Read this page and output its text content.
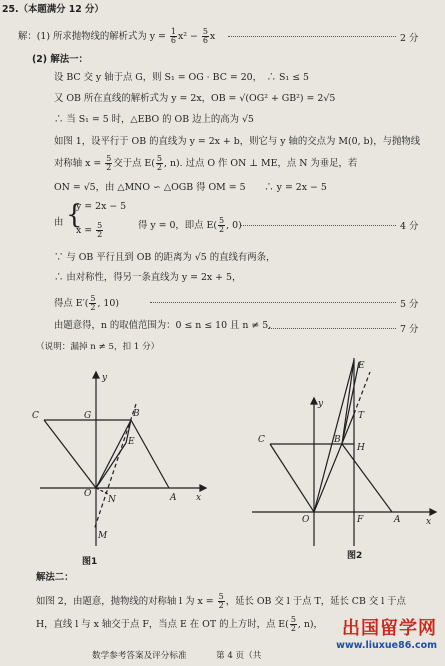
25.（本题满分 12 分）
解：(1) 所求抛物线的解析式为 $y = \frac{1}{6} x^2 - \frac{5}{6}$ x	2 分
(2) 解法一：
设 BC 交 y 轴于点 G，则 S₁ = OG · BC = 20，　∴ S₁ ≤ 5
又 OB 所在直线的解析式为 y = 2x，OB = √(OG² + GB²) = 2√5
∴ 当 S₁ = 5 时，△EBO 的 OB 边上的高为 √5
如图 1，设平行于 OB 的直线为 y = 2x + b，则它与 y 轴的交点为 M(0, b)，与抛物线
对称轴 $x = \frac{5}{2}$ 交于点 $E( \frac{5}{2}$ , n). 过点 O 作 ON ⊥ ME，点 N 为垂足，若
ON = √5，由 △MNO ∽ △OGB 得 OM = 5　　∴ y = 2x − 5
由 {
y = 2x − 5
$x = \frac{5}{2}$	得 y = 0，即点 $E( \frac{5}{2}$ , 0)	4 分
∵ 与 OB 平行且到 OB 的距离为 √5 的直线有两条，
∴ 由对称性，得另一条直线为 y = 2x + 5，
得点 $E'( \frac{5}{2}$ , 10)	5 分
由题意得，n 的取值范围为：0 ≤ n ≤ 10 且 n ≠ 5.	7 分
（说明：漏掉 n ≠ 5，扣 1 分）
C	G	B
E
y
O
N	A x
M
图1
E
T
y
C	B
H
O	F	A	x
图2
解法二：
如图 2，由题意，抛物线的对称轴 l 为 $x = \frac{5}{2}$ ，延长 OB 交 l 于点 T，延长 CB 交 l 于点
H，直线 l 与 x 轴交于点 F，当点 E 在 OT 的上方时，点 $E( \frac{5}{2}$ , n)，
数学参考答案及评分标准	第 4 页（共
出国留学网
www.liuxue86.com
